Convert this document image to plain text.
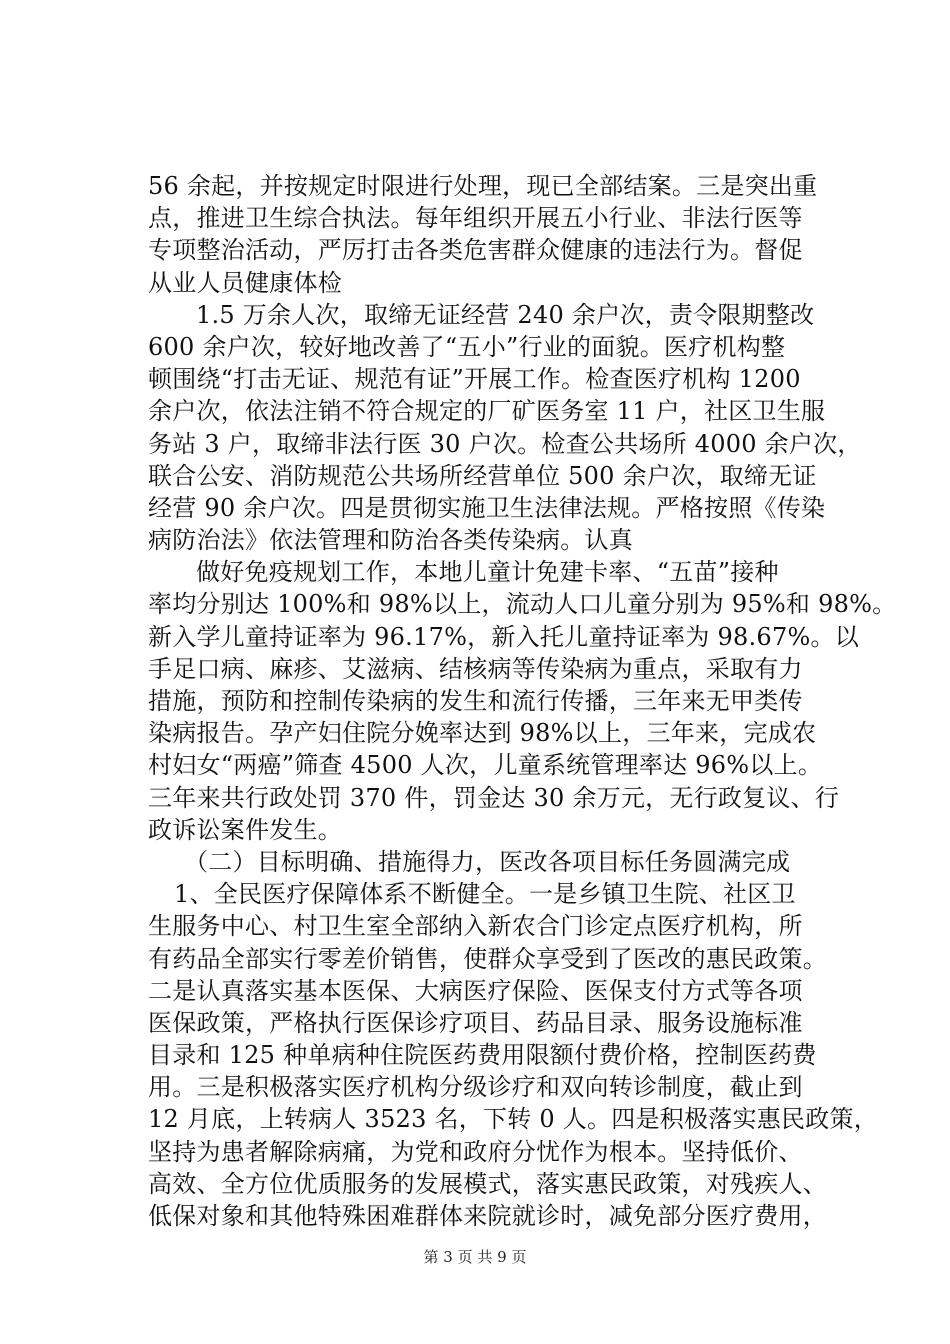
56 余起，并按规定时限进行处理，现已全部结案。三是突出重
点，推进卫生综合执法。每年组织开展五小行业、非法行医等
专项整治活动，严厉打击各类危害群众健康的违法行为。督促
从业人员健康体检
1.5 万余人次，取缔无证经营 240 余户次，责令限期整改
600 余户次，较好地改善了“五小”行业的面貌。医疗机构整
顿围绕“打击无证、规范有证”开展工作。检查医疗机构 1200
余户次，依法注销不符合规定的厂矿医务室 11 户，社区卫生服
务站 3 户，取缔非法行医 30 户次。检查公共场所 4000 余户次，
联合公安、消防规范公共场所经营单位 500 余户次，取缔无证
经营 90 余户次。四是贯彻实施卫生法律法规。严格按照《传染
病防治法》依法管理和防治各类传染病。认真
做好免疫规划工作，本地儿童计免建卡率、“五苗”接种
率均分别达 100%和 98%以上，流动人口儿童分别为 95%和 98%。
新入学儿童持证率为 96.17%，新入托儿童持证率为 98.67%。以
手足口病、麻疹、艾滋病、结核病等传染病为重点，采取有力
措施，预防和控制传染病的发生和流行传播，三年来无甲类传
染病报告。孕产妇住院分娩率达到 98%以上，三年来，完成农
村妇女“两癌”筛查 4500 人次，儿童系统管理率达 96%以上。
三年来共行政处罚 370 件，罚金达 30 余万元，无行政复议、行
政诉讼案件发生。
（二）目标明确、措施得力，医改各项目标任务圆满完成
1、全民医疗保障体系不断健全。一是乡镇卫生院、社区卫
生服务中心、村卫生室全部纳入新农合门诊定点医疗机构，所
有药品全部实行零差价销售，使群众享受到了医改的惠民政策。
二是认真落实基本医保、大病医疗保险、医保支付方式等各项
医保政策，严格执行医保诊疗项目、药品目录、服务设施标准
目录和 125 种单病种住院医药费用限额付费价格，控制医药费
用。三是积极落实医疗机构分级诊疗和双向转诊制度，截止到
12 月底，上转病人 3523 名，下转 0 人。四是积极落实惠民政策，
坚持为患者解除病痛，为党和政府分忧作为根本。坚持低价、
高效、全方位优质服务的发展模式，落实惠民政策，对残疾人、
低保对象和其他特殊困难群体来院就诊时，减免部分医疗费用，
第 3 页 共 9 页
